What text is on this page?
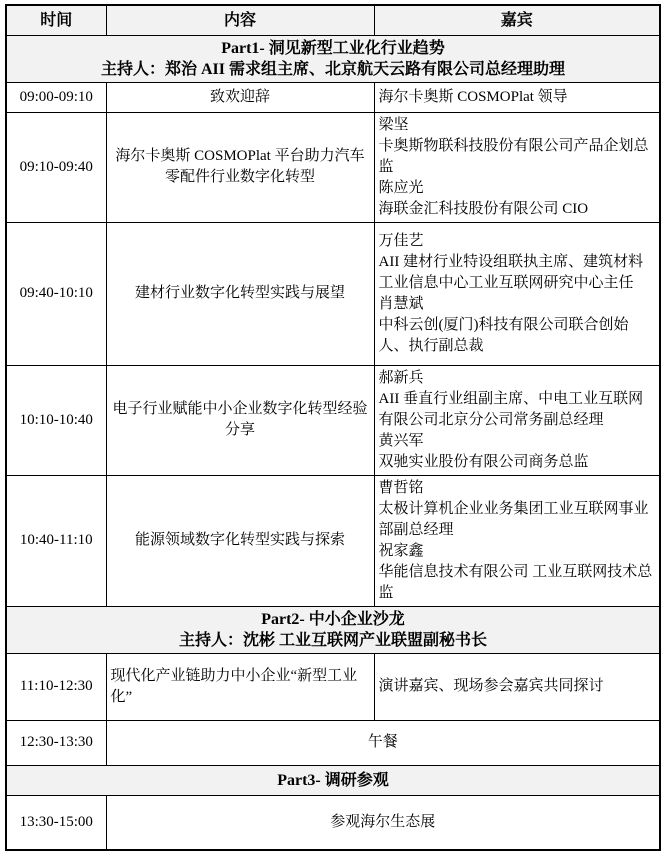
时间	内容	嘉宾

Part1- 洞见新型工业化行业趋势
主持人：郑治 AII 需求组主席、北京航天云路有限公司总经理助理		

09:00-09:10	致欢迎辞	海尔卡奥斯 COSMOPlat 领导
09:10-09:40	海尔卡奥斯 COSMOPlat 平台助力汽车零配件行业数字化转型	梁坚
卡奥斯物联科技股份有限公司产品企划总监
陈应光
海联金汇科技股份有限公司 CIO

09:40-10:10	建材行业数字化转型实践与展望	万佳艺
AII 建材行业特设组联执主席、建筑材料工业信息中心工业互联网研究中心主任
肖慧斌
中科云创(厦门)科技有限公司联合创始人、执行副总裁

10:10-10:40	电子行业赋能中小企业数字化转型经验分享	郝新兵
AII 垂直行业组副主席、中电工业互联网有限公司北京分公司常务副总经理
黄兴军
双驰实业股份有限公司商务总监

10:40-11:10	能源领域数字化转型实践与探索	曹哲铭
太极计算机企业业务集团工业互联网事业部副总经理
祝家鑫
华能信息技术有限公司 工业互联网技术总监

Part2- 中小企业沙龙
主持人：沈彬 工业互联网产业联盟副秘书长		

11:10-12:30	现代化产业链助力中小企业“新型工业化”	演讲嘉宾、现场参会嘉宾共同探讨
12:30-13:30	午餐	

Part3- 调研参观		

13:30-15:00	参观海尔生态展	
